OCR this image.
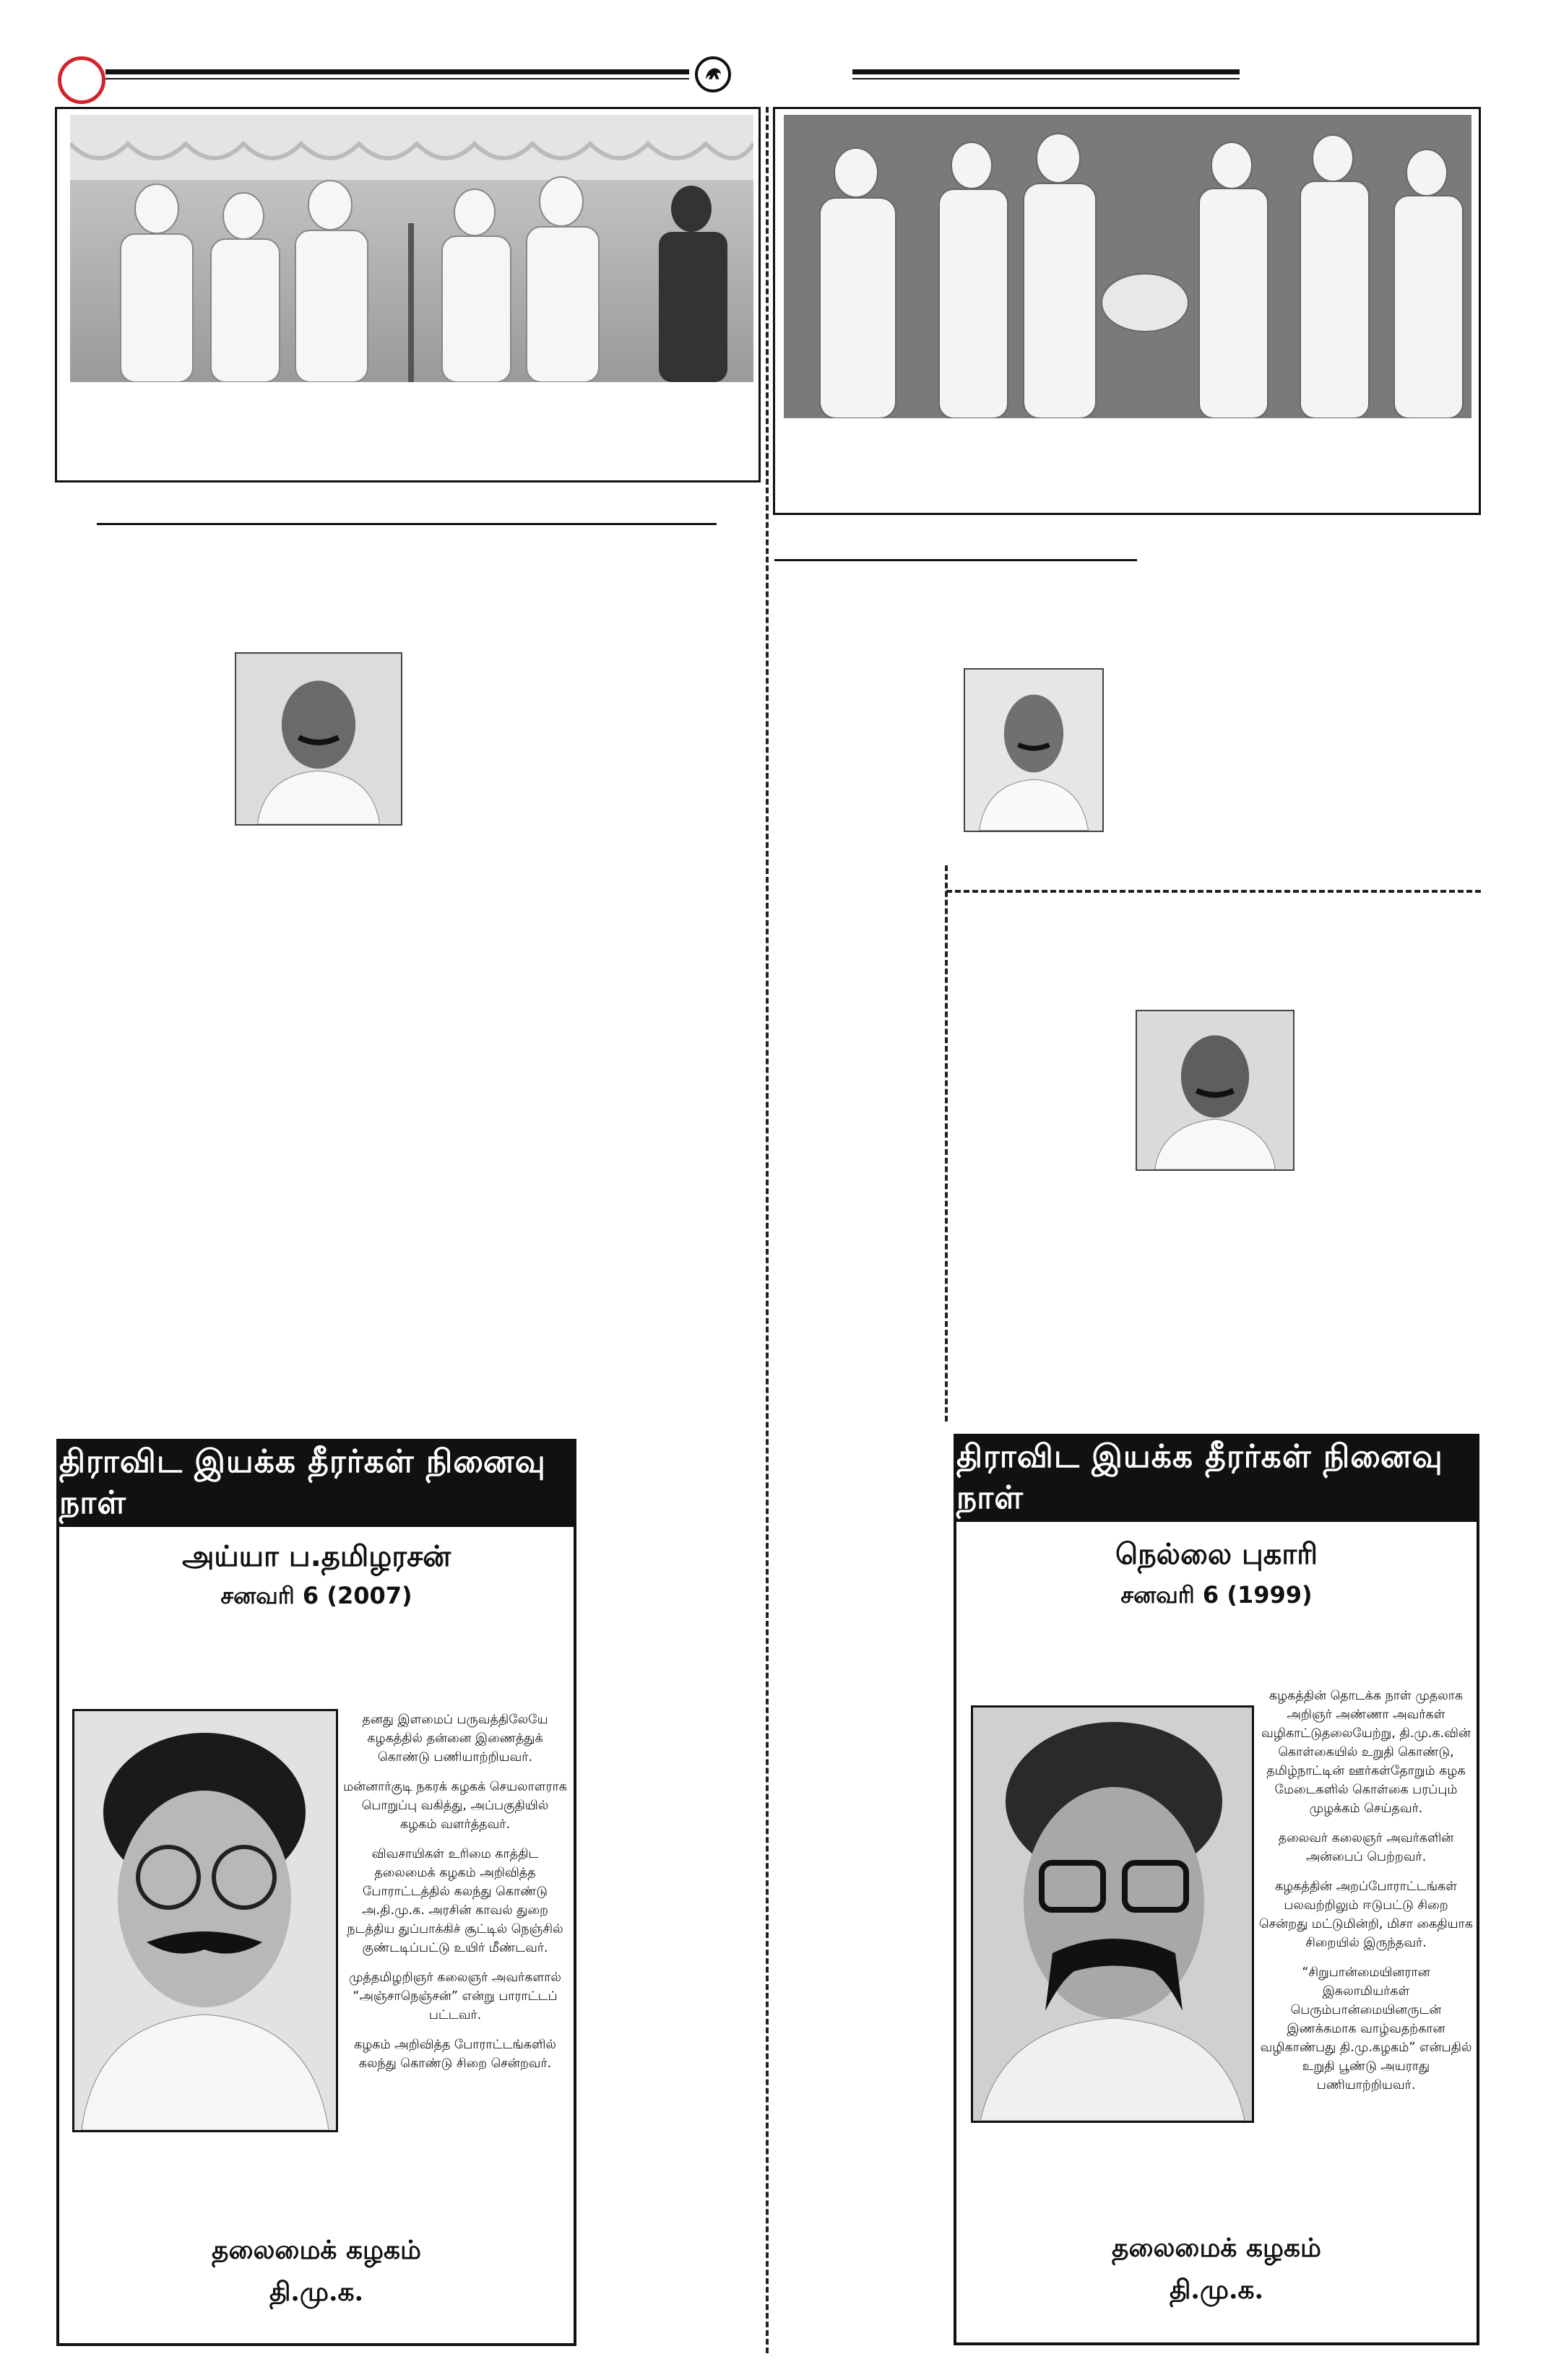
திராவிட இயக்க தீரர்கள் நினைவு நாள்
அய்யா ப.தமிழரசன்
சனவரி 6 (2007)

தனது இளமைப் பருவத்திலேயே கழகத்தில் தன்னை இணைத்துக் கொண்டு பணியாற்றியவர்.

மன்னார்குடி நகரக் கழகக் செயலாளராக பொறுப்பு வகித்து, அப்பகுதியில் கழகம் வளர்த்தவர்.

விவசாயிகள் உரிமை காத்திட தலைமைக் கழகம் அறிவித்த போராட்டத்தில் கலந்து கொண்டு அ.தி.மு.க. அரசின் காவல் துறை நடத்திய துப்பாக்கிச் சூட்டில் நெஞ்சில் குண்டடிப்பட்டு உயிர் மீண்டவர்.

முத்தமிழறிஞர் கலைஞர் அவர்களால் “அஞ்சாநெஞ்சன்” என்று பாராட்டப் பட்டவர்.

கழகம் அறிவித்த போராட்டங்களில் கலந்து கொண்டு சிறை சென்றவர்.

தலைமைக் கழகம்
தி.மு.க.
திராவிட இயக்க தீரர்கள் நினைவு நாள்
நெல்லை புகாரி
சனவரி 6 (1999)

கழகத்தின் தொடக்க நாள் முதலாக அறிஞர் அண்ணா அவர்கள் வழிகாட்டுதலையேற்று, தி.மு.க.வின் கொள்கையில் உறுதி கொண்டு, தமிழ்நாட்டின் ஊர்கள்தோறும் கழக மேடைகளில் கொள்கை பரப்பும் முழக்கம் செய்தவர்.

தலைவர் கலைஞர் அவர்களின் அன்பைப் பெற்றவர்.

கழகத்தின் அறப்போராட்டங்கள் பலவற்றிலும் ஈடுபட்டு சிறை சென்றது மட்டுமின்றி, மிசா கைதியாக சிறையில் இருந்தவர்.

“சிறுபான்மையினரான இசுலாமியர்கள் பெரும்பான்மையினருடன் இணக்கமாக வாழ்வதற்கான வழிகாண்பது தி.மு.கழகம்” என்பதில் உறுதி பூண்டு அயராது பணியாற்றியவர்.

தலைமைக் கழகம்
தி.மு.க.
